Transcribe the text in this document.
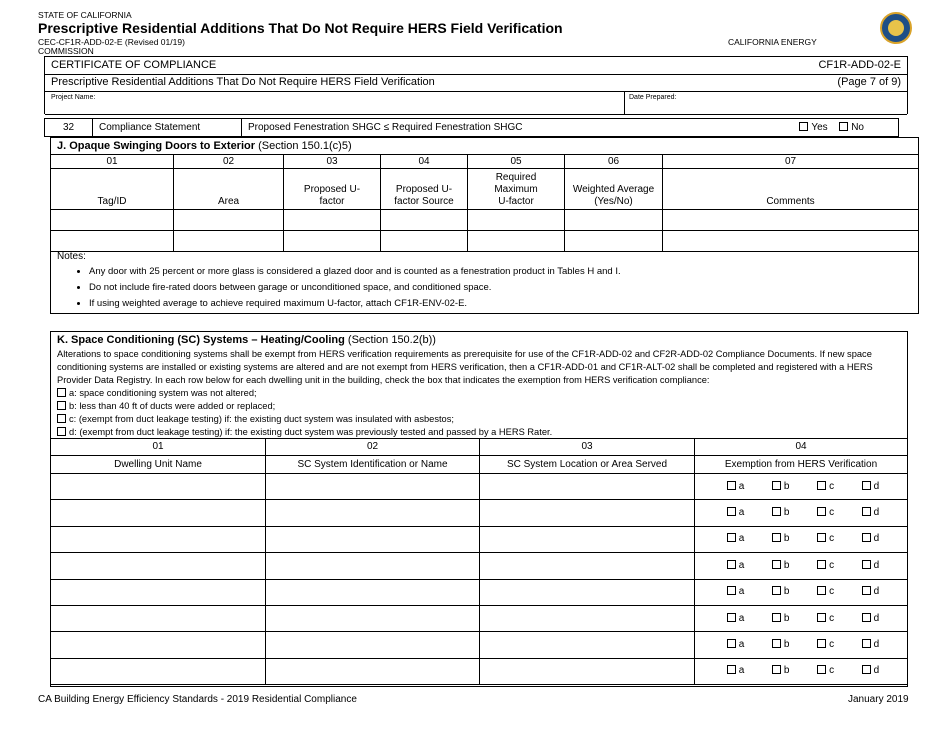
STATE OF CALIFORNIA
Prescriptive Residential Additions That Do Not Require HERS Field Verification
CEC-CF1R-ADD-02-E (Revised 01/19)
COMMISSION
CALIFORNIA ENERGY
CERTIFICATE OF COMPLIANCE	CF1R-ADD-02-E
Prescriptive Residential Additions That Do Not Require HERS Field Verification	(Page 7 of 9)
Project Name:	Date Prepared:
32	Compliance Statement	Proposed Fenestration SHGC ≤ Required Fenestration SHGC	Yes No
J. Opaque Swinging Doors to Exterior (Section 150.1(c)5)
01	02	03	04	05	06	07
Tag/ID	Area	Proposed U-factor	Proposed U-factor Source	Required Maximum U-factor	Weighted Average (Yes/No)	Comments

Notes:
• Any door with 25 percent or more glass is considered a glazed door and is counted as a fenestration product in Tables H and I.
• Do not include fire-rated doors between garage or unconditioned space, and conditioned space.
• If using weighted average to achieve required maximum U-factor, attach CF1R-ENV-02-E.
K. Space Conditioning (SC) Systems – Heating/Cooling (Section 150.2(b))
Alterations to space conditioning systems shall be exempt from HERS verification requirements as prerequisite for use of the CF1R-ADD-02 and CF2R-ADD-02 Compliance Documents. If new space conditioning systems are installed or existing systems are altered and are not exempt from HERS verification, then a CF1R-ADD-01 and CF1R-ALT-02 shall be completed and registered with a HERS Provider Data Registry. In each row below for each dwelling unit in the building, check the box that indicates the exemption from HERS verification compliance:
a: space conditioning system was not altered;
b: less than 40 ft of ducts were added or replaced;
c: (exempt from duct leakage testing) if: the existing duct system was insulated with asbestos;
d: (exempt from duct leakage testing) if: the existing duct system was previously tested and passed by a HERS Rater.
01	02	03	04
Dwelling Unit Name	SC System Identification or Name	SC System Location or Area Served	Exemption from HERS Verification

			a b c d

			a b c d

			a b c d

			a b c d

			a b c d

			a b c d

			a b c d

			a b c d
CA Building Energy Efficiency Standards - 2019 Residential Compliance	January 2019
